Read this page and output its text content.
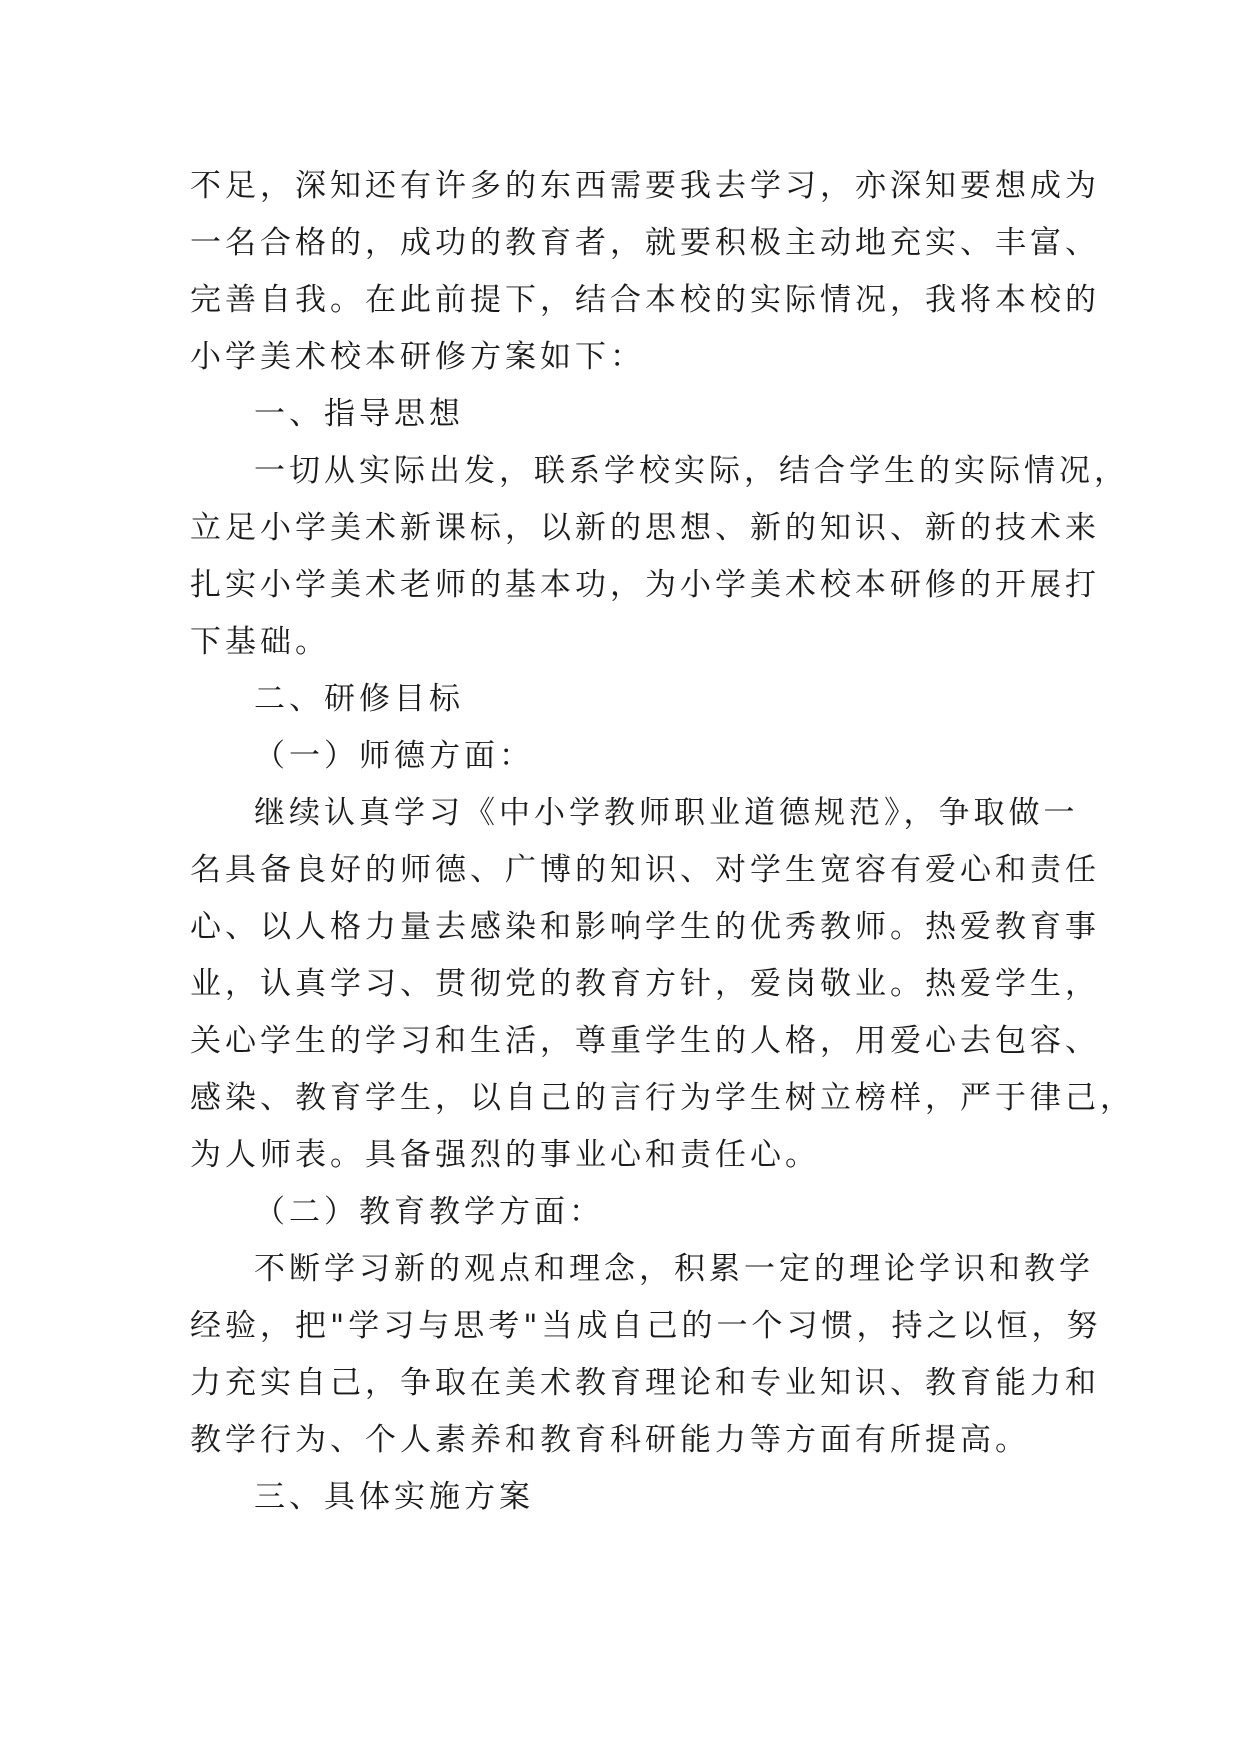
不足，深知还有许多的东西需要我去学习，亦深知要想成为
一名合格的，成功的教育者，就要积极主动地充实、丰富、
完善自我。在此前提下，结合本校的实际情况，我将本校的
小学美术校本研修方案如下：
一、指导思想
一切从实际出发，联系学校实际，结合学生的实际情况，
立足小学美术新课标，以新的思想、新的知识、新的技术来
扎实小学美术老师的基本功，为小学美术校本研修的开展打
下基础。
二、研修目标
（一）师德方面：
继续认真学习《中小学教师职业道德规范》，争取做一
名具备良好的师德、广博的知识、对学生宽容有爱心和责任
心、以人格力量去感染和影响学生的优秀教师。热爱教育事
业，认真学习、贯彻党的教育方针，爱岗敬业。热爱学生，
关心学生的学习和生活，尊重学生的人格，用爱心去包容、
感染、教育学生，以自己的言行为学生树立榜样，严于律己，
为人师表。具备强烈的事业心和责任心。
（二）教育教学方面：
不断学习新的观点和理念，积累一定的理论学识和教学
经验，把"学习与思考"当成自己的一个习惯，持之以恒，努
力充实自己，争取在美术教育理论和专业知识、教育能力和
教学行为、个人素养和教育科研能力等方面有所提高。
三、具体实施方案
